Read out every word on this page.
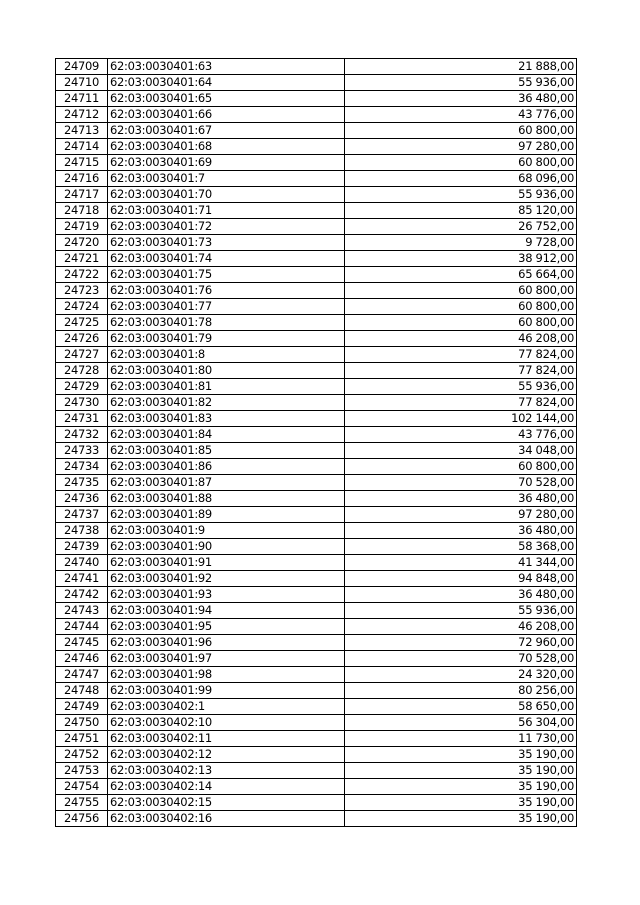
24709	62:03:0030401:63	21 888,00
24710	62:03:0030401:64	55 936,00
24711	62:03:0030401:65	36 480,00
24712	62:03:0030401:66	43 776,00
24713	62:03:0030401:67	60 800,00
24714	62:03:0030401:68	97 280,00
24715	62:03:0030401:69	60 800,00
24716	62:03:0030401:7	68 096,00
24717	62:03:0030401:70	55 936,00
24718	62:03:0030401:71	85 120,00
24719	62:03:0030401:72	26 752,00
24720	62:03:0030401:73	9 728,00
24721	62:03:0030401:74	38 912,00
24722	62:03:0030401:75	65 664,00
24723	62:03:0030401:76	60 800,00
24724	62:03:0030401:77	60 800,00
24725	62:03:0030401:78	60 800,00
24726	62:03:0030401:79	46 208,00
24727	62:03:0030401:8	77 824,00
24728	62:03:0030401:80	77 824,00
24729	62:03:0030401:81	55 936,00
24730	62:03:0030401:82	77 824,00
24731	62:03:0030401:83	102 144,00
24732	62:03:0030401:84	43 776,00
24733	62:03:0030401:85	34 048,00
24734	62:03:0030401:86	60 800,00
24735	62:03:0030401:87	70 528,00
24736	62:03:0030401:88	36 480,00
24737	62:03:0030401:89	97 280,00
24738	62:03:0030401:9	36 480,00
24739	62:03:0030401:90	58 368,00
24740	62:03:0030401:91	41 344,00
24741	62:03:0030401:92	94 848,00
24742	62:03:0030401:93	36 480,00
24743	62:03:0030401:94	55 936,00
24744	62:03:0030401:95	46 208,00
24745	62:03:0030401:96	72 960,00
24746	62:03:0030401:97	70 528,00
24747	62:03:0030401:98	24 320,00
24748	62:03:0030401:99	80 256,00
24749	62:03:0030402:1	58 650,00
24750	62:03:0030402:10	56 304,00
24751	62:03:0030402:11	11 730,00
24752	62:03:0030402:12	35 190,00
24753	62:03:0030402:13	35 190,00
24754	62:03:0030402:14	35 190,00
24755	62:03:0030402:15	35 190,00
24756	62:03:0030402:16	35 190,00
